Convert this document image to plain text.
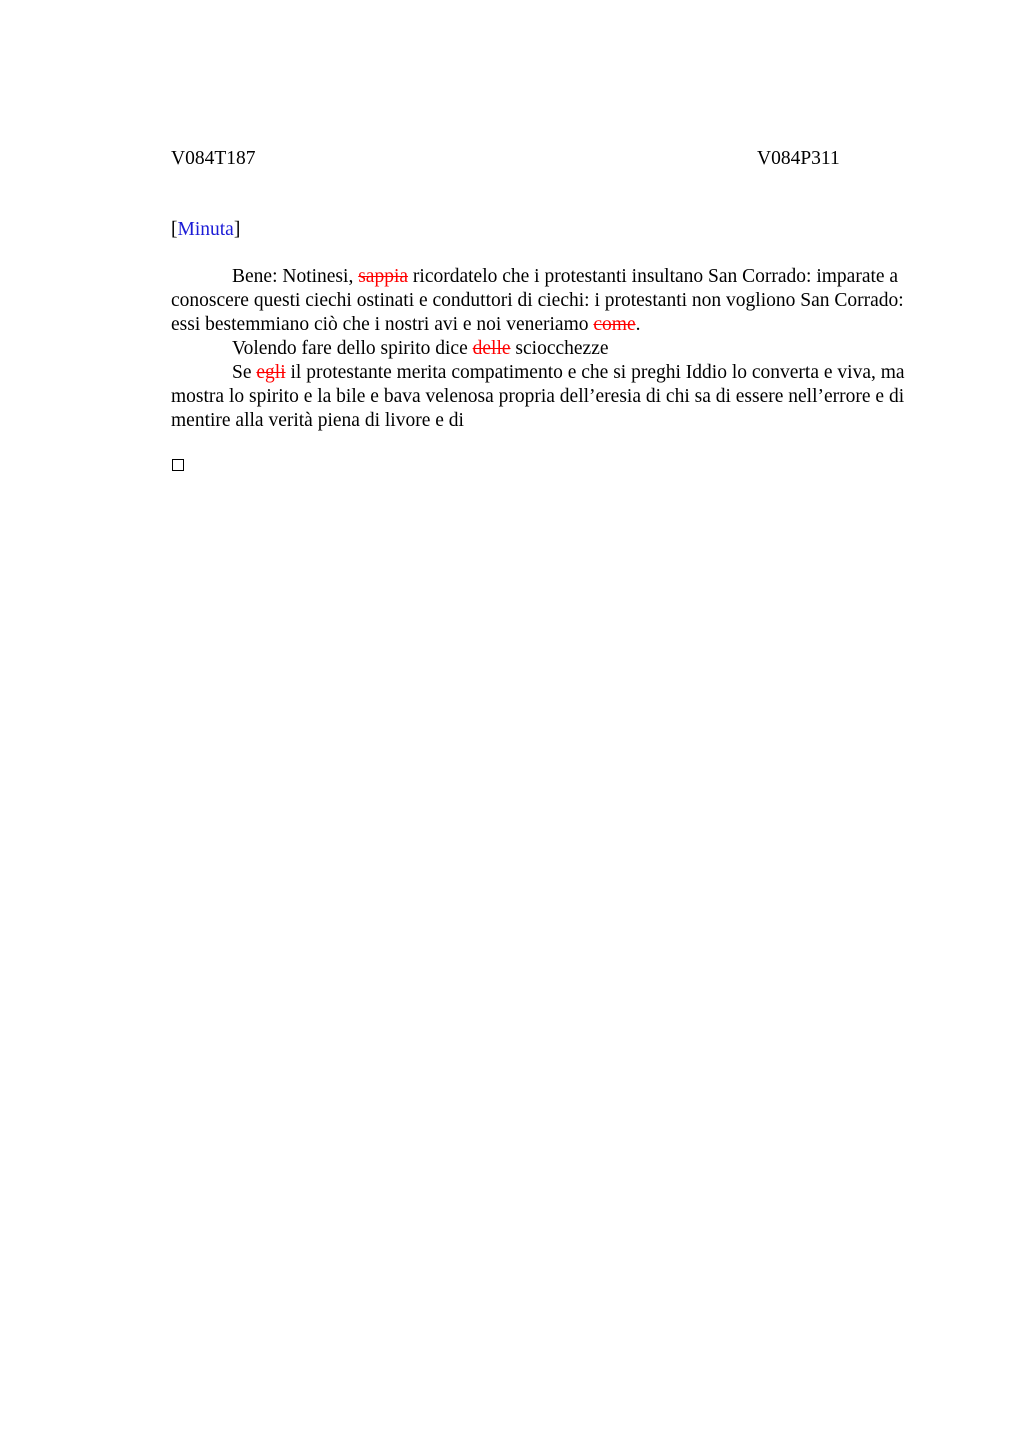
V084T187	V084P311
[Minuta]

Bene: Notinesi, sappia ricordatelo che i protestanti insultano San Corrado: imparate a conoscere questi ciechi ostinati e conduttori di ciechi: i protestanti non vogliono San Corrado: essi bestemmiano ciò che i nostri avi e noi veneriamo come.

Volendo fare dello spirito dice delle sciocchezze

Se egli il protestante merita compatimento e che si preghi Iddio lo converta e viva, ma mostra lo spirito e la bile e bava velenosa propria dell’eresia di chi sa di essere nell’errore e di mentire alla verità piena di livore e di
